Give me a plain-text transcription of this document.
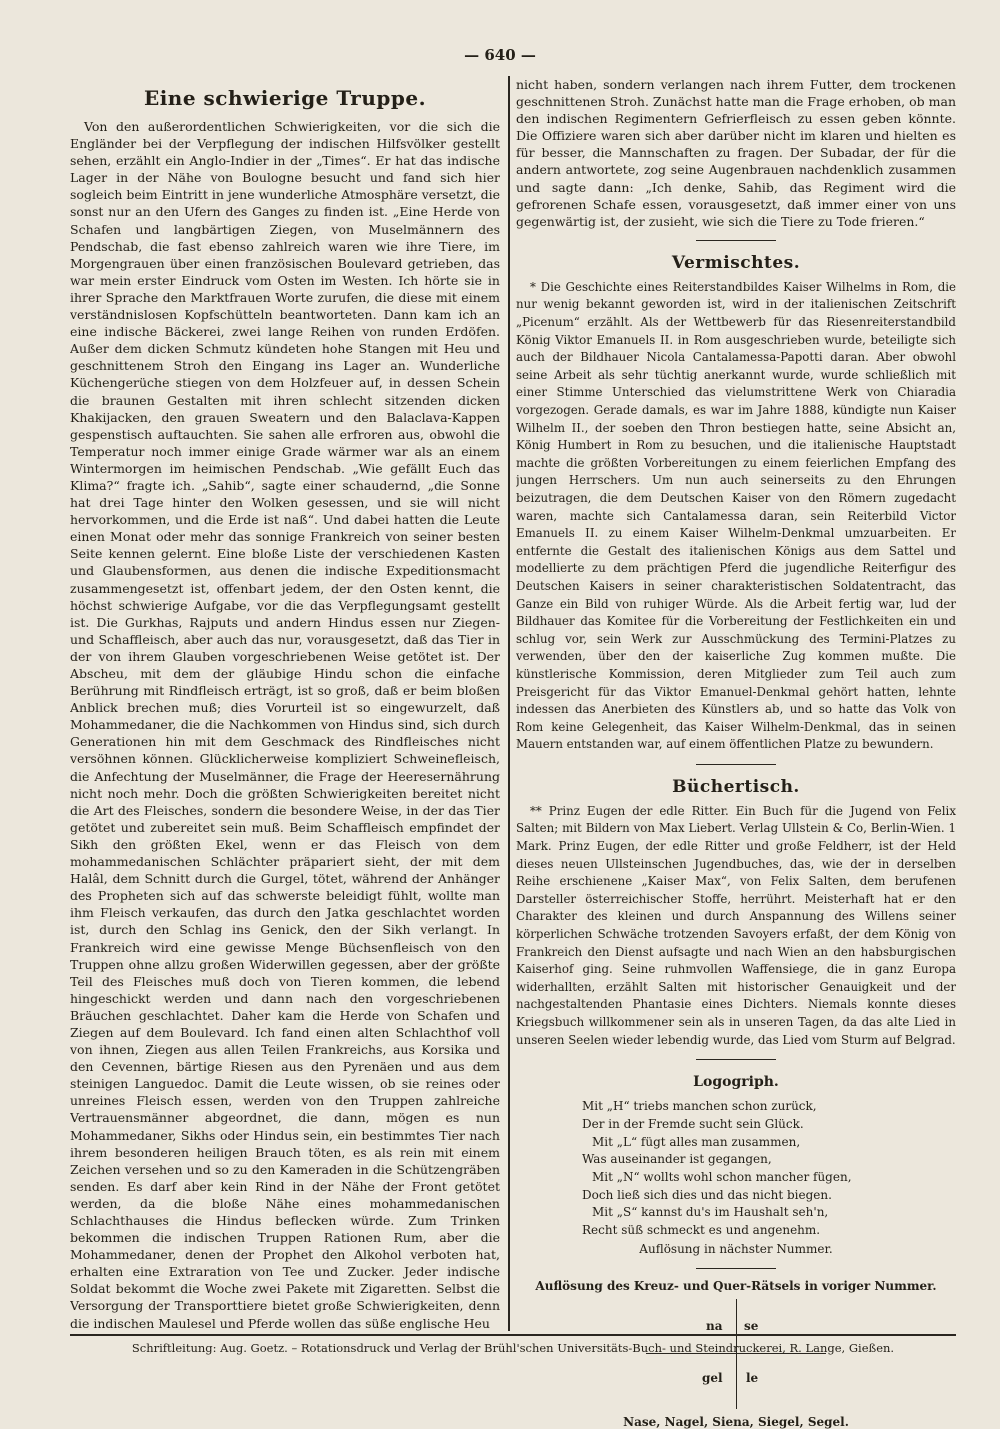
— 640 —
Eine schwierige Truppe.

Von den außerordentlichen Schwierigkeiten, vor die sich die Engländer bei der Verpflegung der indischen Hilfsvölker gestellt sehen, erzählt ein Anglo-Indier in der „Times“. Er hat das indische Lager in der Nähe von Boulogne besucht und fand sich hier sogleich beim Eintritt in jene wunderliche Atmosphäre versetzt, die sonst nur an den Ufern des Ganges zu finden ist. „Eine Herde von Schafen und langbärtigen Ziegen, von Muselmännern des Pendschab, die fast ebenso zahlreich waren wie ihre Tiere, im Morgengrauen über einen französischen Boulevard getrieben, das war mein erster Eindruck vom Osten im Westen. Ich hörte sie in ihrer Sprache den Marktfrauen Worte zurufen, die diese mit einem verständnislosen Kopfschütteln beantworteten. Dann kam ich an eine indische Bäckerei, zwei lange Reihen von runden Erdöfen. Außer dem dicken Schmutz kündeten hohe Stangen mit Heu und geschnittenem Stroh den Eingang ins Lager an. Wunderliche Küchengerüche stiegen von dem Holzfeuer auf, in dessen Schein die braunen Gestalten mit ihren schlecht sitzenden dicken Khakijacken, den grauen Sweatern und den Balaclava-Kappen gespenstisch auftauchten. Sie sahen alle erfroren aus, obwohl die Temperatur noch immer einige Grade wärmer war als an einem Wintermorgen im heimischen Pendschab. „Wie gefällt Euch das Klima?“ fragte ich. „Sahib“, sagte einer schaudernd, „die Sonne hat drei Tage hinter den Wolken gesessen, und sie will nicht hervorkommen, und die Erde ist naß“. Und dabei hatten die Leute einen Monat oder mehr das sonnige Frankreich von seiner besten Seite kennen gelernt. Eine bloße Liste der verschiedenen Kasten und Glaubensformen, aus denen die indische Expeditionsmacht zusammengesetzt ist, offenbart jedem, der den Osten kennt, die höchst schwierige Aufgabe, vor die das Verpflegungsamt gestellt ist. Die Gurkhas, Rajputs und andern Hindus essen nur Ziegen- und Schaffleisch, aber auch das nur, vorausgesetzt, daß das Tier in der von ihrem Glauben vorgeschriebenen Weise getötet ist. Der Abscheu, mit dem der gläubige Hindu schon die einfache Berührung mit Rindfleisch erträgt, ist so groß, daß er beim bloßen Anblick brechen muß; dies Vorurteil ist so eingewurzelt, daß Mohammedaner, die die Nachkommen von Hindus sind, sich durch Generationen hin mit dem Geschmack des Rindfleisches nicht versöhnen können. Glücklicherweise kompliziert Schweinefleisch, die Anfechtung der Muselmänner, die Frage der Heeresernährung nicht noch mehr. Doch die größten Schwierigkeiten bereitet nicht die Art des Fleisches, sondern die besondere Weise, in der das Tier getötet und zubereitet sein muß. Beim Schaffleisch empfindet der Sikh den größten Ekel, wenn er das Fleisch von dem mohammedanischen Schlächter präpariert sieht, der mit dem Halâl, dem Schnitt durch die Gurgel, tötet, während der Anhänger des Propheten sich auf das schwerste beleidigt fühlt, wollte man ihm Fleisch verkaufen, das durch den Jatka geschlachtet worden ist, durch den Schlag ins Genick, den der Sikh verlangt. In Frankreich wird eine gewisse Menge Büchsenfleisch von den Truppen ohne allzu großen Widerwillen gegessen, aber der größte Teil des Fleisches muß doch von Tieren kommen, die lebend hingeschickt werden und dann nach den vorgeschriebenen Bräuchen geschlachtet. Daher kam die Herde von Schafen und Ziegen auf dem Boulevard. Ich fand einen alten Schlachthof voll von ihnen, Ziegen aus allen Teilen Frankreichs, aus Korsika und den Cevennen, bärtige Riesen aus den Pyrenäen und aus dem steinigen Languedoc. Damit die Leute wissen, ob sie reines oder unreines Fleisch essen, werden von den Truppen zahlreiche Vertrauensmänner abgeordnet, die dann, mögen es nun Mohammedaner, Sikhs oder Hindus sein, ein bestimmtes Tier nach ihrem besonderen heiligen Brauch töten, es als rein mit einem Zeichen versehen und so zu den Kameraden in die Schützengräben senden. Es darf aber kein Rind in der Nähe der Front getötet werden, da die bloße Nähe eines mohammedanischen Schlachthauses die Hindus beflecken würde. Zum Trinken bekommen die indischen Truppen Rationen Rum, aber die Mohammedaner, denen der Prophet den Alkohol verboten hat, erhalten eine Extraration von Tee und Zucker. Jeder indische Soldat bekommt die Woche zwei Pakete mit Zigaretten. Selbst die Versorgung der Transporttiere bietet große Schwierigkeiten, denn die indischen Maulesel und Pferde wollen das süße englische Heu

nicht haben, sondern verlangen nach ihrem Futter, dem trockenen geschnittenen Stroh. Zunächst hatte man die Frage erhoben, ob man den indischen Regimentern Gefrierfleisch zu essen geben könnte. Die Offiziere waren sich aber darüber nicht im klaren und hielten es für besser, die Mannschaften zu fragen. Der Subadar, der für die andern antwortete, zog seine Augenbrauen nachdenklich zusammen und sagte dann: „Ich denke, Sahib, das Regiment wird die gefrorenen Schafe essen, vorausgesetzt, daß immer einer von uns gegenwärtig ist, der zusieht, wie sich die Tiere zu Tode frieren.“

Vermischtes.

* Die Geschichte eines Reiterstandbildes Kaiser Wilhelms in Rom, die nur wenig bekannt geworden ist, wird in der italienischen Zeitschrift „Picenum“ erzählt. Als der Wettbewerb für das Riesenreiterstandbild König Viktor Emanuels II. in Rom ausgeschrieben wurde, beteiligte sich auch der Bildhauer Nicola Cantalamessa-Papotti daran. Aber obwohl seine Arbeit als sehr tüchtig anerkannt wurde, wurde schließlich mit einer Stimme Unterschied das vielumstrittene Werk von Chiaradia vorgezogen. Gerade damals, es war im Jahre 1888, kündigte nun Kaiser Wilhelm II., der soeben den Thron bestiegen hatte, seine Absicht an, König Humbert in Rom zu besuchen, und die italienische Hauptstadt machte die größten Vorbereitungen zu einem feierlichen Empfang des jungen Herrschers. Um nun auch seinerseits zu den Ehrungen beizutragen, die dem Deutschen Kaiser von den Römern zugedacht waren, machte sich Cantalamessa daran, sein Reiterbild Victor Emanuels II. zu einem Kaiser Wilhelm-Denkmal umzuarbeiten. Er entfernte die Gestalt des italienischen Königs aus dem Sattel und modellierte zu dem prächtigen Pferd die jugendliche Reiterfigur des Deutschen Kaisers in seiner charakteristischen Soldatentracht, das Ganze ein Bild von ruhiger Würde. Als die Arbeit fertig war, lud der Bildhauer das Komitee für die Vorbereitung der Festlichkeiten ein und schlug vor, sein Werk zur Ausschmückung des Termini-Platzes zu verwenden, über den der kaiserliche Zug kommen mußte. Die künstlerische Kommission, deren Mitglieder zum Teil auch zum Preisgericht für das Viktor Emanuel-Denkmal gehört hatten, lehnte indessen das Anerbieten des Künstlers ab, und so hatte das Volk von Rom keine Gelegenheit, das Kaiser Wilhelm-Denkmal, das in seinen Mauern entstanden war, auf einem öffentlichen Platze zu bewundern.

Büchertisch.

** Prinz Eugen der edle Ritter. Ein Buch für die Jugend von Felix Salten; mit Bildern von Max Liebert. Verlag Ullstein & Co, Berlin-Wien. 1 Mark. Prinz Eugen, der edle Ritter und große Feldherr, ist der Held dieses neuen Ullsteinschen Jugendbuches, das, wie der in derselben Reihe erschienene „Kaiser Max“, von Felix Salten, dem berufenen Darsteller österreichischer Stoffe, herrührt. Meisterhaft hat er den Charakter des kleinen und durch Anspannung des Willens seiner körperlichen Schwäche trotzenden Savoyers erfaßt, der dem König von Frankreich den Dienst aufsagte und nach Wien an den habsburgischen Kaiserhof ging. Seine ruhmvollen Waffensiege, die in ganz Europa widerhallten, erzählt Salten mit historischer Genauigkeit und der nachgestaltenden Phantasie eines Dichters. Niemals konnte dieses Kriegsbuch willkommener sein als in unseren Tagen, da das alte Lied in unseren Seelen wieder lebendig wurde, das Lied vom Sturm auf Belgrad.

Logogriph.
Mit „H“ triebs manchen schon zurück,
Der in der Fremde sucht sein Glück.
Mit „L“ fügt alles man zusammen,
Was auseinander ist gegangen,
Mit „N“ wollts wohl schon mancher fügen,
Doch ließ sich dies und das nicht biegen.
Mit „S“ kannst du's im Haushalt seh'n,
Recht süß schmeckt es und angenehm.
Auflösung in nächster Nummer.
Auflösung des Kreuz- und Quer-Rätsels in voriger Nummer.
na se
gel le
Nase, Nagel, Siena, Siegel, Segel.
Schriftleitung: Aug. Goetz. – Rotationsdruck und Verlag der Brühl'schen Universitäts-Buch- und Steindruckerei, R. Lange, Gießen.
